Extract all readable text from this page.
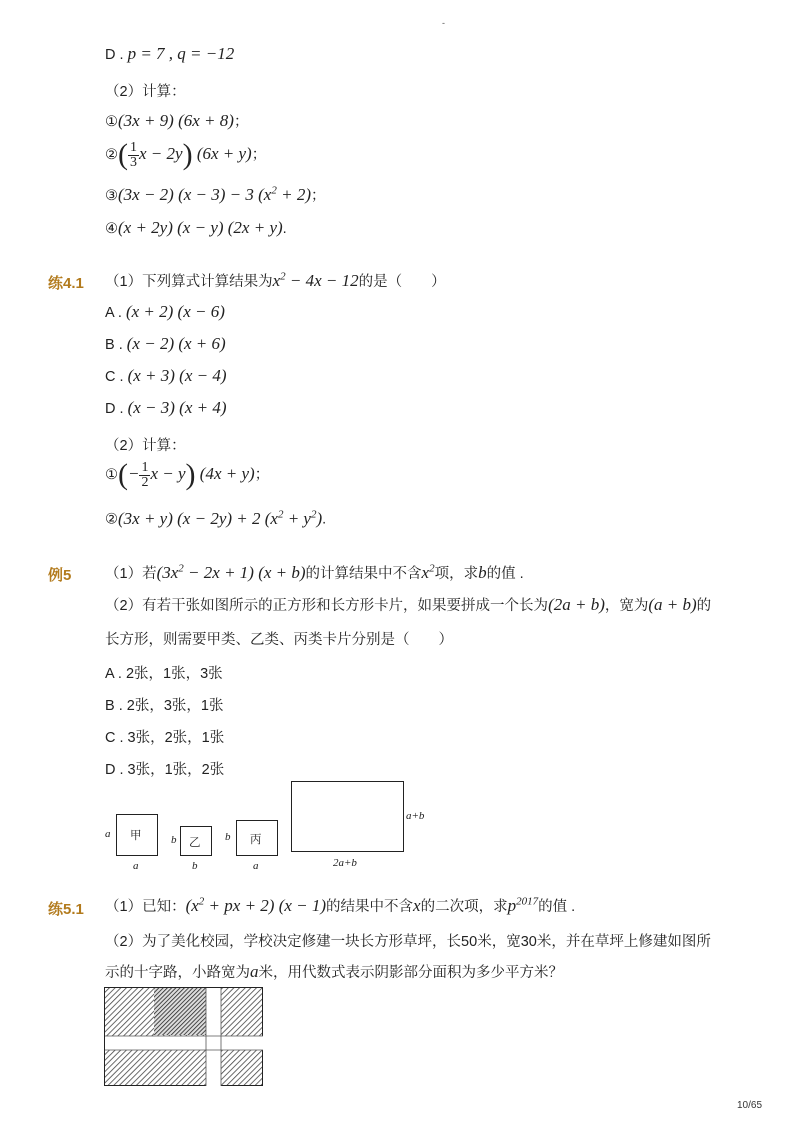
-
10/65
D . p = 7 , q = −12
（2）计算：
①(3x + 9) (6x + 8)；
②( $\frac{1}{3}$ x − 2y) (6x + y)；
③(3x − 2) (x − 3) − 3 $(x^2 + 2)$；
④(x + 2y) (x − y) (2x + y).
练4.1 （1）下列算式计算结果为$x^2 - 4x - 12$的是（　　）
A . (x + 2) (x − 6)
B . (x − 2) (x + 6)
C . (x + 3) (x − 4)
D . (x − 3) (x + 4)
（2）计算：
①(− $\frac{1}{2}$ x − y) (4x + y)；
②(3x + y) (x − 2y) + 2 $(x^2 + y^2)$.
例5 （1）若$(3x^2 - 2x + 1) (x + b)$的计算结果中不含$x^2$项，求b的值 .
（2）有若干张如图所示的正方形和长方形卡片，如果要拼成一个长为(2a + b)，宽为(a + b)的
长方形，则需要甲类、乙类、丙类卡片分别是（　　）
A . 2张，1张，3张
B . 2张，3张，1张
C . 3张，2张，1张
D . 3张，1张，2张
甲
a
a
乙
b
b
丙
b
a
a+b
2a+b
练5.1 （1）已知：($x^2$ + px + 2) (x − 1)的结果中不含x的二次项，求$p^{2017}$的值 .
（2）为了美化校园，学校决定修建一块长方形草坪，长50米，宽30米，并在草坪上修建如图所
示的十字路，小路宽为a米，用代数式表示阴影部分面积为多少平方米？
